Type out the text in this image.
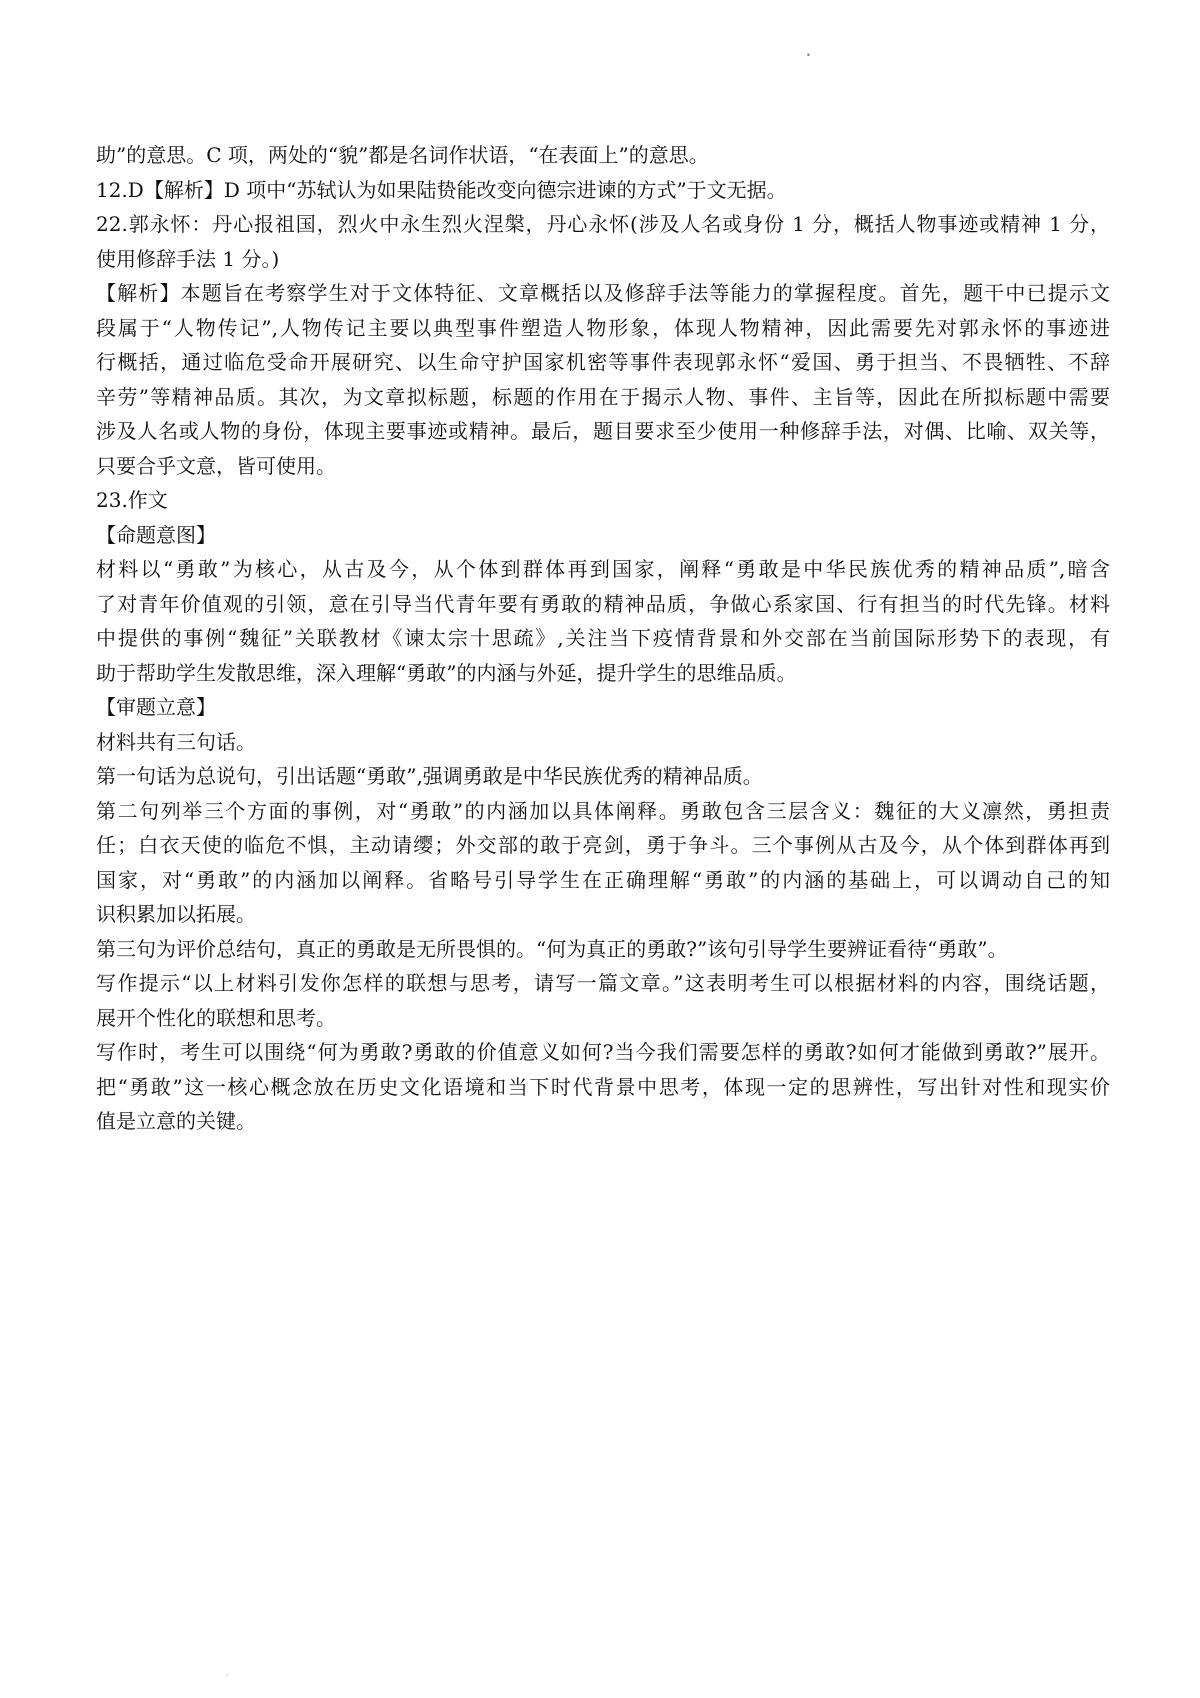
•

助”的意思。C 项，两处的“貌”都是名词作状语，“在表面上”的意思。

12.D【解析】D 项中“苏轼认为如果陆贽能改变向德宗进谏的方式”于文无据。

22.郭永怀：丹心报祖国，烈火中永生烈火涅槃，丹心永怀(涉及人名或身份 1 分，概括人物事迹或精神 1 分，

使用修辞手法 1 分。)

【解析】本题旨在考察学生对于文体特征、文章概括以及修辞手法等能力的掌握程度。首先，题干中已提示文

段属于“人物传记”,人物传记主要以典型事件塑造人物形象，体现人物精神，因此需要先对郭永怀的事迹进

行概括，通过临危受命开展研究、以生命守护国家机密等事件表现郭永怀“爱国、勇于担当、不畏牺牲、不辞

辛劳”等精神品质。其次，为文章拟标题，标题的作用在于揭示人物、事件、主旨等，因此在所拟标题中需要

涉及人名或人物的身份，体现主要事迹或精神。最后，题目要求至少使用一种修辞手法，对偶、比喻、双关等，

只要合乎文意，皆可使用。

23.作文

【命题意图】

材料以“勇敢”为核心，从古及今，从个体到群体再到国家，阐释“勇敢是中华民族优秀的精神品质”,暗含

了对青年价值观的引领，意在引导当代青年要有勇敢的精神品质，争做心系家国、行有担当的时代先锋。材料

中提供的事例“魏征”关联教材《谏太宗十思疏》,关注当下疫情背景和外交部在当前国际形势下的表现，有

助于帮助学生发散思维，深入理解“勇敢”的内涵与外延，提升学生的思维品质。

【审题立意】

材料共有三句话。

第一句话为总说句，引出话题“勇敢”,强调勇敢是中华民族优秀的精神品质。

第二句列举三个方面的事例，对“勇敢”的内涵加以具体阐释。勇敢包含三层含义：魏征的大义凛然，勇担责

任；白衣天使的临危不惧，主动请缨；外交部的敢于亮剑，勇于争斗。三个事例从古及今，从个体到群体再到

国家，对“勇敢”的内涵加以阐释。省略号引导学生在正确理解“勇敢”的内涵的基础上，可以调动自己的知

识积累加以拓展。

第三句为评价总结句，真正的勇敢是无所畏惧的。“何为真正的勇敢?”该句引导学生要辨证看待“勇敢”。

写作提示“以上材料引发你怎样的联想与思考，请写一篇文章。”这表明考生可以根据材料的内容，围绕话题，

展开个性化的联想和思考。

写作时，考生可以围绕“何为勇敢?勇敢的价值意义如何?当今我们需要怎样的勇敢?如何才能做到勇敢?”展开。

把“勇敢”这一核心概念放在历史文化语境和当下时代背景中思考，体现一定的思辨性，写出针对性和现实价

值是立意的关键。

·
